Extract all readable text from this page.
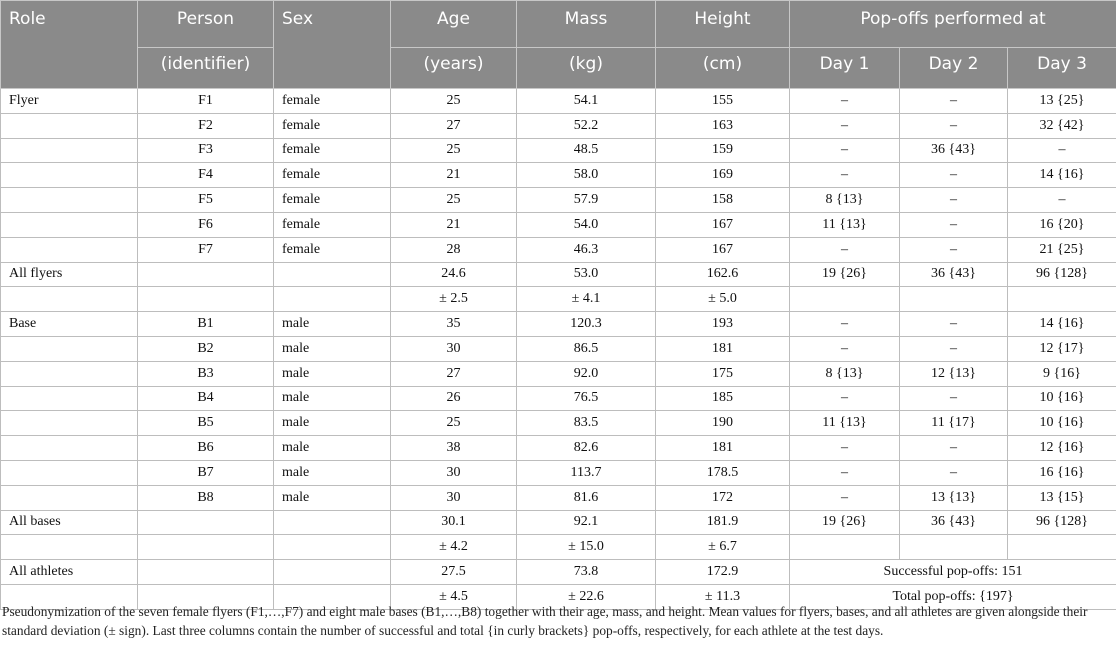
Role	Person	Sex	Age	Mass	Height	Pop-offs performed at		
	(identifier)		(years)	(kg)	(cm)	Day 1	Day 2	Day 3
Flyer	F1	female	25	54.1	155	–	–	13 {25}
	F2	female	27	52.2	163	–	–	32 {42}
	F3	female	25	48.5	159	–	36 {43}	–
	F4	female	21	58.0	169	–	–	14 {16}
	F5	female	25	57.9	158	8 {13}	–	–
	F6	female	21	54.0	167	11 {13}	–	16 {20}
	F7	female	28	46.3	167	–	–	21 {25}
All flyers			24.6	53.0	162.6	19 {26}	36 {43}	96 {128}
			± 2.5	± 4.1	± 5.0			
Base	B1	male	35	120.3	193	–	–	14 {16}
	B2	male	30	86.5	181	–	–	12 {17}
	B3	male	27	92.0	175	8 {13}	12 {13}	9 {16}
	B4	male	26	76.5	185	–	–	10 {16}
	B5	male	25	83.5	190	11 {13}	11 {17}	10 {16}
	B6	male	38	82.6	181	–	–	12 {16}
	B7	male	30	113.7	178.5	–	–	16 {16}
	B8	male	30	81.6	172	–	13 {13}	13 {15}
All bases			30.1	92.1	181.9	19 {26}	36 {43}	96 {128}
			± 4.2	± 15.0	± 6.7			
All athletes			27.5	73.8	172.9	Successful pop-offs: 151		
			± 4.5	± 22.6	± 11.3	Total pop-offs: {197}		
Pseudonymization of the seven female flyers (F1,…,F7) and eight male bases (B1,…,B8) together with their age, mass, and height. Mean values for flyers, bases, and all athletes are given alongside their standard deviation (± sign). Last three columns contain the number of successful and total {in curly brackets} pop-offs, respectively, for each athlete at the test days.
